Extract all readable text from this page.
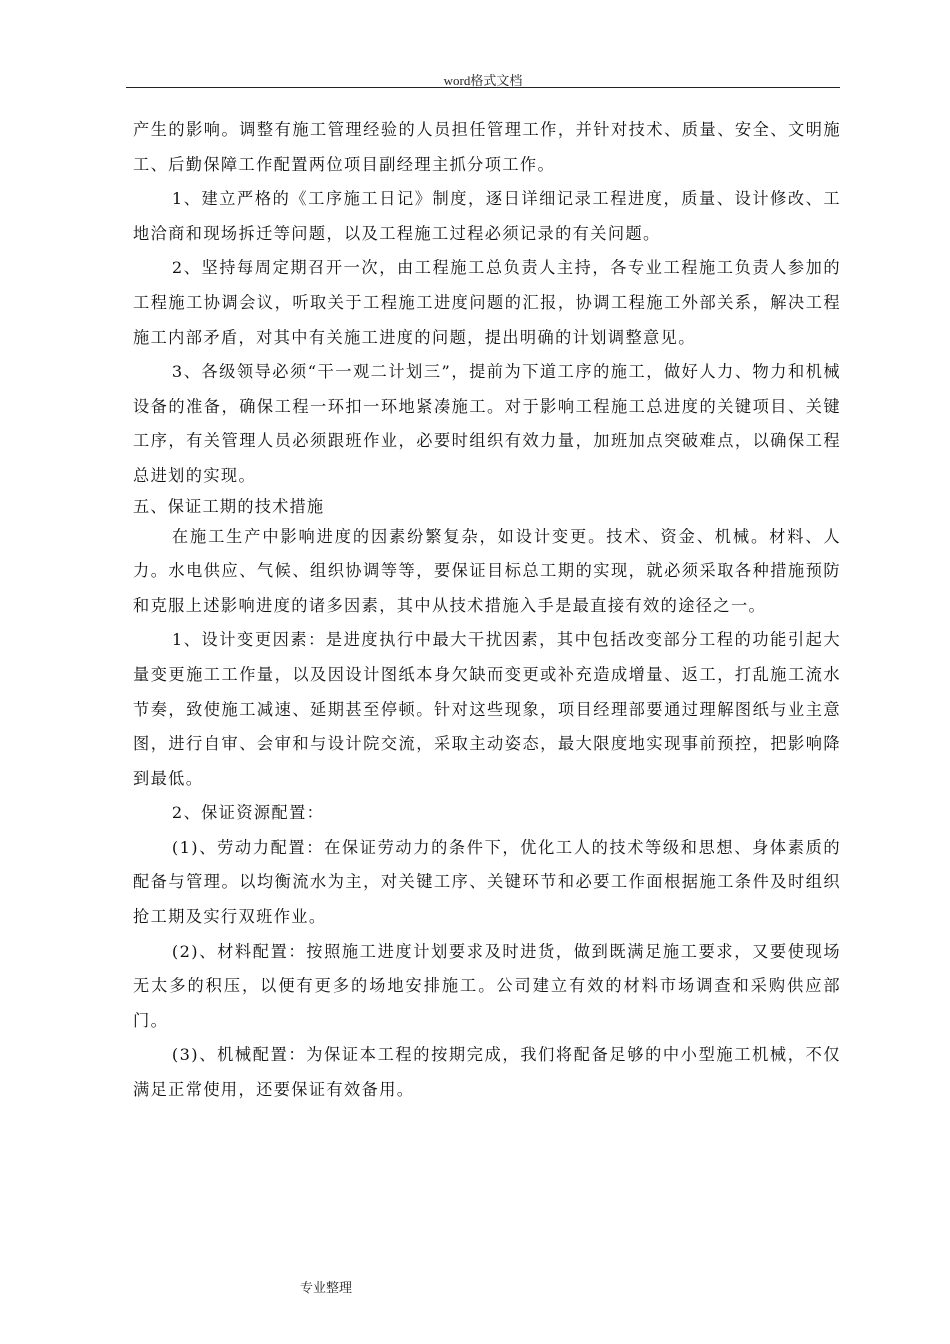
word格式文档

产生的影响。调整有施工管理经验的人员担任管理工作，并针对技术、质量、安全、文明施工、后勤保障工作配置两位项目副经理主抓分项工作。

1、建立严格的《工序施工日记》制度，逐日详细记录工程进度，质量、设计修改、工地洽商和现场拆迁等问题，以及工程施工过程必须记录的有关问题。

2、坚持每周定期召开一次，由工程施工总负责人主持，各专业工程施工负责人参加的工程施工协调会议，听取关于工程施工进度问题的汇报，协调工程施工外部关系，解决工程施工内部矛盾，对其中有关施工进度的问题，提出明确的计划调整意见。

3、各级领导必须“干一观二计划三”，提前为下道工序的施工，做好人力、物力和机械设备的准备，确保工程一环扣一环地紧凑施工。对于影响工程施工总进度的关键项目、关键工序，有关管理人员必须跟班作业，必要时组织有效力量，加班加点突破难点，以确保工程总进划的实现。

五、保证工期的技术措施

在施工生产中影响进度的因素纷繁复杂，如设计变更。技术、资金、机械。材料、人力。水电供应、气候、组织协调等等，要保证目标总工期的实现，就必须采取各种措施预防和克服上述影响进度的诸多因素，其中从技术措施入手是最直接有效的途径之一。

1、设计变更因素：是进度执行中最大干扰因素，其中包括改变部分工程的功能引起大量变更施工工作量，以及因设计图纸本身欠缺而变更或补充造成增量、返工，打乱施工流水节奏，致使施工减速、延期甚至停顿。针对这些现象，项目经理部要通过理解图纸与业主意图，进行自审、会审和与设计院交流，采取主动姿态，最大限度地实现事前预控，把影响降到最低。

2、保证资源配置：

(1)、劳动力配置：在保证劳动力的条件下，优化工人的技术等级和思想、身体素质的配备与管理。以均衡流水为主，对关键工序、关键环节和必要工作面根据施工条件及时组织抢工期及实行双班作业。

(2)、材料配置：按照施工进度计划要求及时进货，做到既满足施工要求，又要使现场无太多的积压，以便有更多的场地安排施工。公司建立有效的材料市场调查和采购供应部门。

(3)、机械配置：为保证本工程的按期完成，我们将配备足够的中小型施工机械，不仅满足正常使用，还要保证有效备用。

专业整理
